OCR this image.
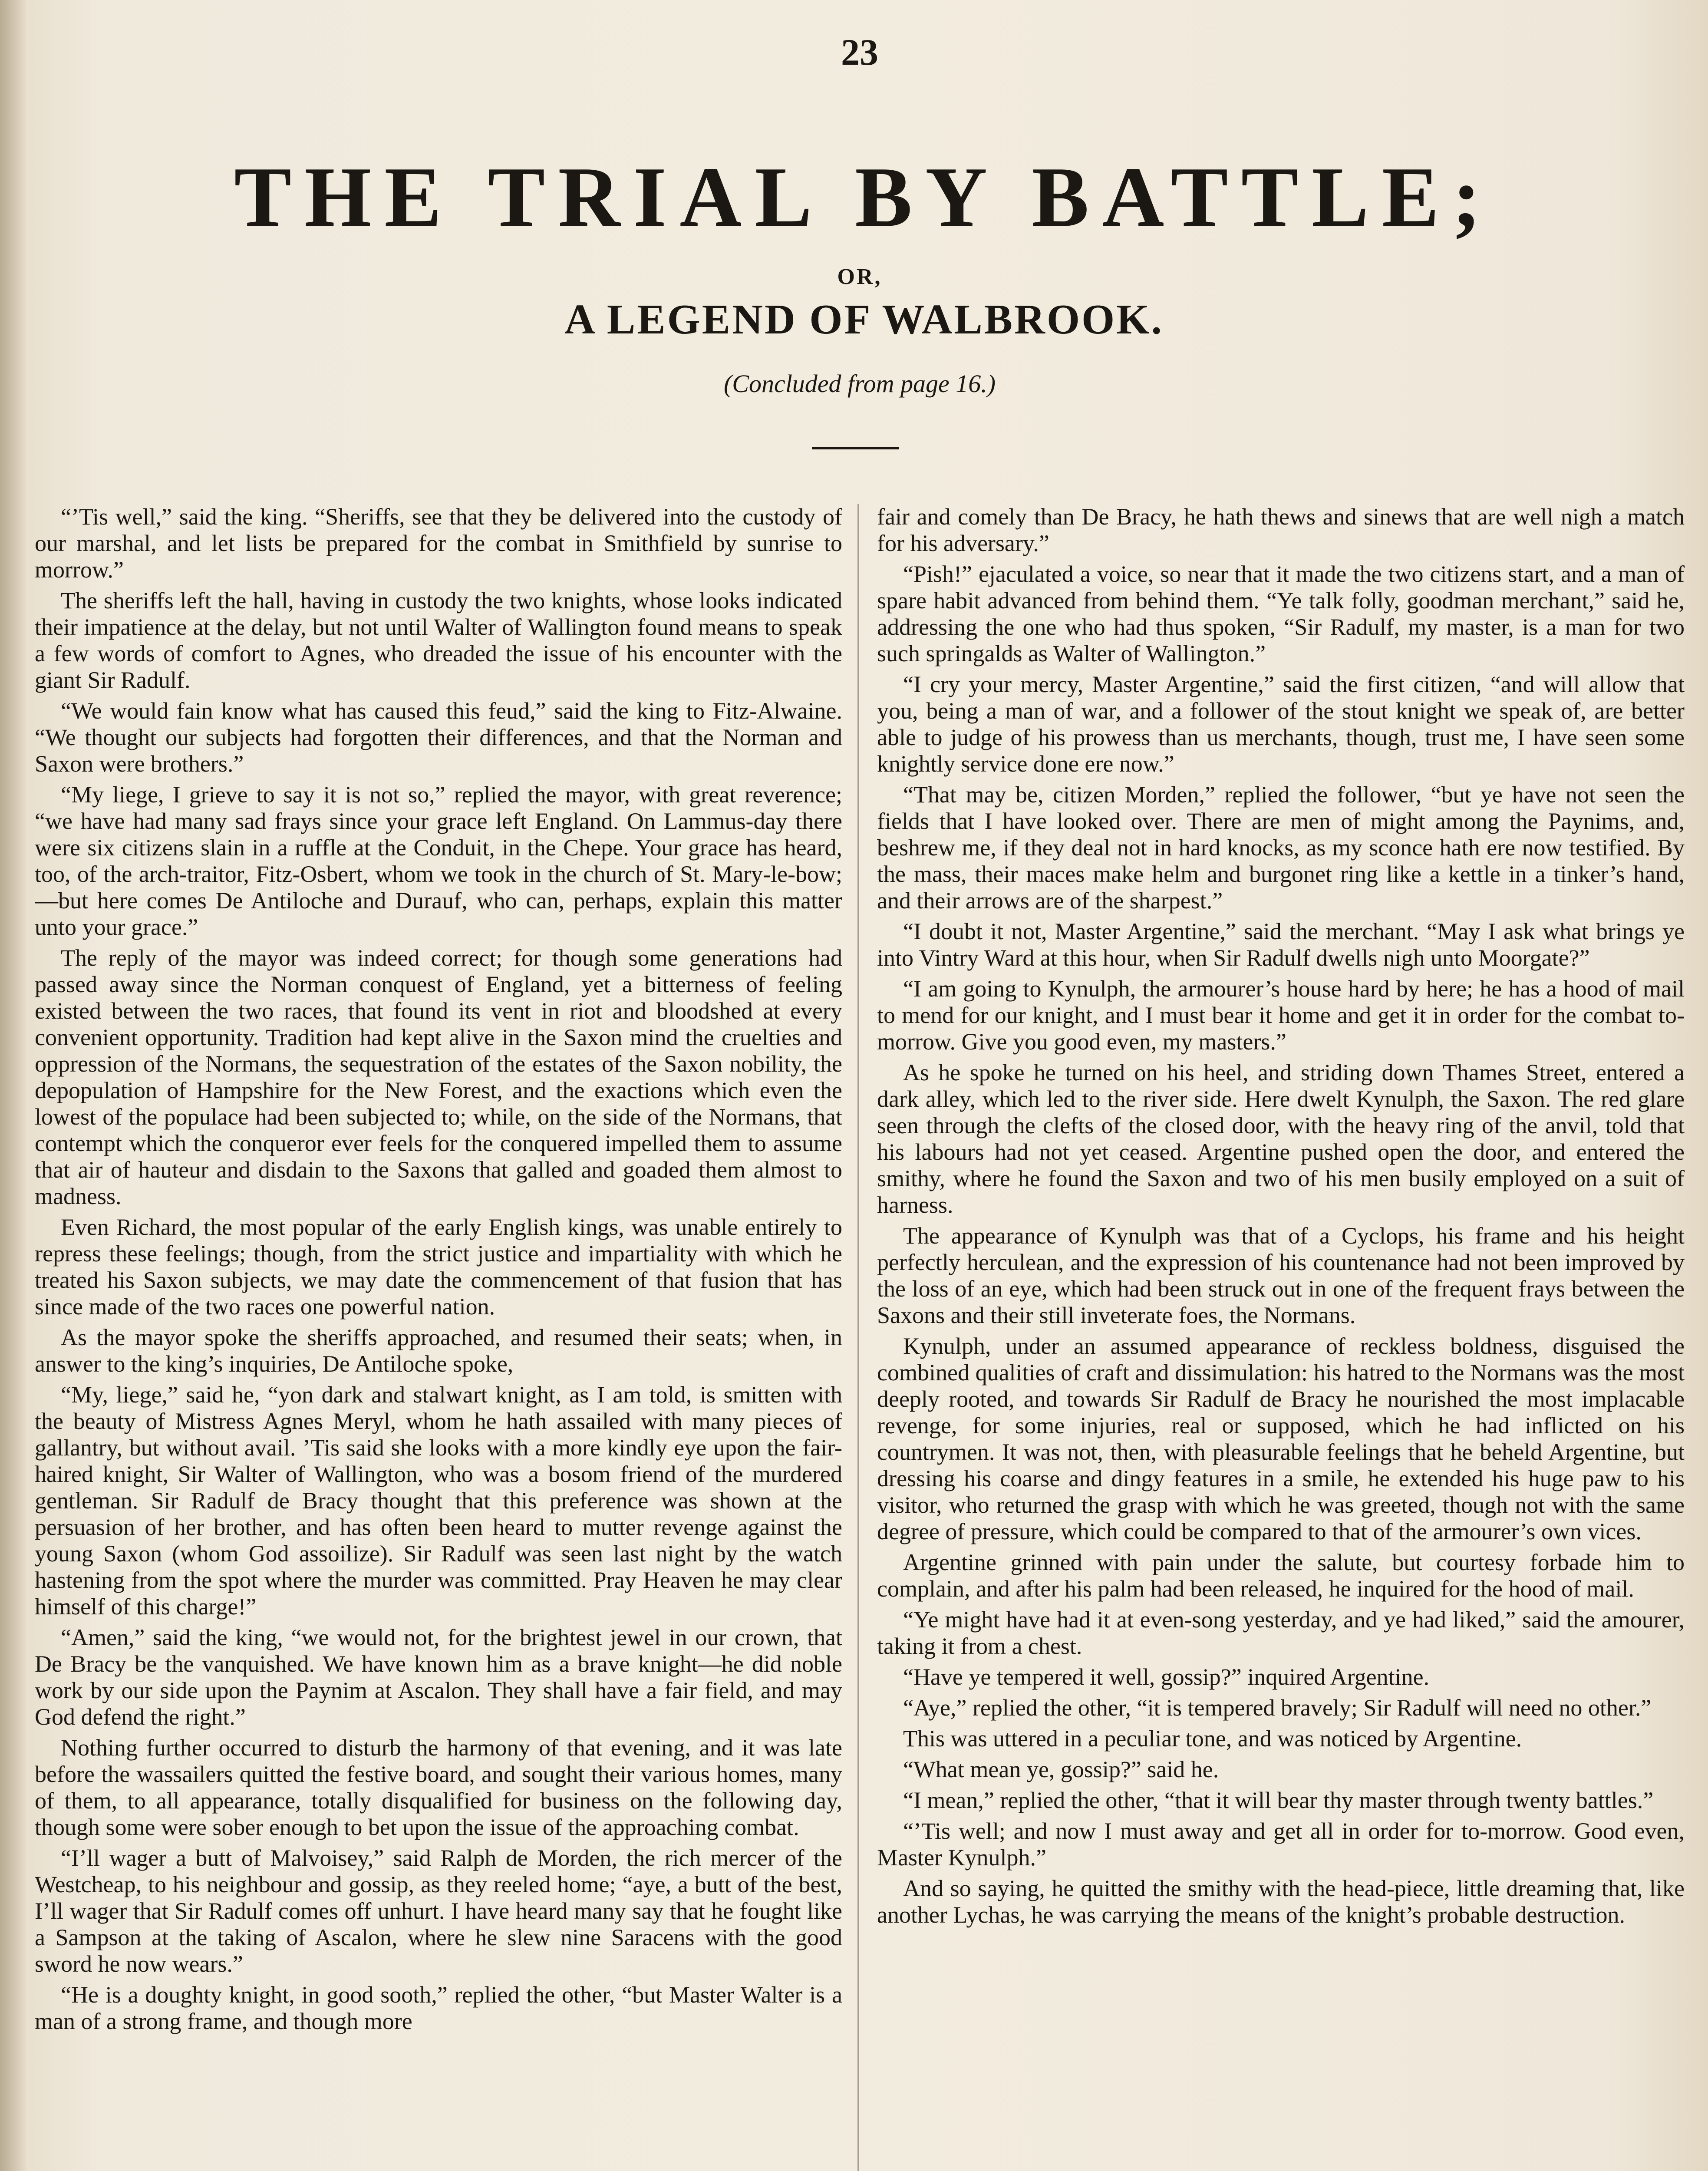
23
THE TRIAL BY BATTLE;
OR,
A LEGEND OF WALBROOK.
(Concluded from page 16.)

“’Tis well,” said the king. “Sheriffs, see that they be delivered into the custody of our marshal, and let lists be prepared for the combat in Smithfield by sunrise to morrow.”

The sheriffs left the hall, having in custody the two knights, whose looks indicated their impatience at the delay, but not until Walter of Wallington found means to speak a few words of comfort to Agnes, who dreaded the issue of his encounter with the giant Sir Radulf.

“We would fain know what has caused this feud,” said the king to Fitz-Alwaine. “We thought our subjects had forgotten their differences, and that the Norman and Saxon were brothers.”

“My liege, I grieve to say it is not so,” replied the mayor, with great reverence; “we have had many sad frays since your grace left England. On Lammus-day there were six citizens slain in a ruffle at the Conduit, in the Chepe. Your grace has heard, too, of the arch-traitor, Fitz-Osbert, whom we took in the church of St. Mary-le-bow;—but here comes De Antiloche and Durauf, who can, perhaps, explain this matter unto your grace.”

The reply of the mayor was indeed correct; for though some generations had passed away since the Norman conquest of England, yet a bitterness of feeling existed between the two races, that found its vent in riot and bloodshed at every convenient opportunity. Tradition had kept alive in the Saxon mind the cruelties and oppression of the Normans, the sequestration of the estates of the Saxon nobility, the depopulation of Hampshire for the New Forest, and the exactions which even the lowest of the populace had been subjected to; while, on the side of the Normans, that contempt which the conqueror ever feels for the conquered impelled them to assume that air of hauteur and disdain to the Saxons that galled and goaded them almost to madness.

Even Richard, the most popular of the early English kings, was unable entirely to repress these feelings; though, from the strict justice and impartiality with which he treated his Saxon subjects, we may date the commencement of that fusion that has since made of the two races one powerful nation.

As the mayor spoke the sheriffs approached, and resumed their seats; when, in answer to the king’s inquiries, De Antiloche spoke,

“My, liege,” said he, “yon dark and stalwart knight, as I am told, is smitten with the beauty of Mistress Agnes Meryl, whom he hath assailed with many pieces of gallantry, but without avail. ’Tis said she looks with a more kindly eye upon the fair-haired knight, Sir Walter of Wallington, who was a bosom friend of the murdered gentleman. Sir Radulf de Bracy thought that this preference was shown at the persuasion of her brother, and has often been heard to mutter revenge against the young Saxon (whom God assoilize). Sir Radulf was seen last night by the watch hastening from the spot where the murder was committed. Pray Heaven he may clear himself of this charge!”

“Amen,” said the king, “we would not, for the brightest jewel in our crown, that De Bracy be the vanquished. We have known him as a brave knight—he did noble work by our side upon the Paynim at Ascalon. They shall have a fair field, and may God defend the right.”

Nothing further occurred to disturb the harmony of that evening, and it was late before the wassailers quitted the festive board, and sought their various homes, many of them, to all appearance, totally disqualified for business on the following day, though some were sober enough to bet upon the issue of the approaching combat.

“I’ll wager a butt of Malvoisey,” said Ralph de Morden, the rich mercer of the Westcheap, to his neighbour and gossip, as they reeled home; “aye, a butt of the best, I’ll wager that Sir Radulf comes off unhurt. I have heard many say that he fought like a Sampson at the taking of Ascalon, where he slew nine Saracens with the good sword he now wears.”

“He is a doughty knight, in good sooth,” replied the other, “but Master Walter is a man of a strong frame, and though more

fair and comely than De Bracy, he hath thews and sinews that are well nigh a match for his adversary.”

“Pish!” ejaculated a voice, so near that it made the two citizens start, and a man of spare habit advanced from behind them. “Ye talk folly, goodman merchant,” said he, addressing the one who had thus spoken, “Sir Radulf, my master, is a man for two such springalds as Walter of Wallington.”

“I cry your mercy, Master Argentine,” said the first citizen, “and will allow that you, being a man of war, and a follower of the stout knight we speak of, are better able to judge of his prowess than us merchants, though, trust me, I have seen some knightly service done ere now.”

“That may be, citizen Morden,” replied the follower, “but ye have not seen the fields that I have looked over. There are men of might among the Paynims, and, beshrew me, if they deal not in hard knocks, as my sconce hath ere now testified. By the mass, their maces make helm and burgonet ring like a kettle in a tinker’s hand, and their arrows are of the sharpest.”

“I doubt it not, Master Argentine,” said the merchant. “May I ask what brings ye into Vintry Ward at this hour, when Sir Radulf dwells nigh unto Moorgate?”

“I am going to Kynulph, the armourer’s house hard by here; he has a hood of mail to mend for our knight, and I must bear it home and get it in order for the combat to-morrow. Give you good even, my masters.”

As he spoke he turned on his heel, and striding down Thames Street, entered a dark alley, which led to the river side. Here dwelt Kynulph, the Saxon. The red glare seen through the clefts of the closed door, with the heavy ring of the anvil, told that his labours had not yet ceased. Argentine pushed open the door, and entered the smithy, where he found the Saxon and two of his men busily employed on a suit of harness.

The appearance of Kynulph was that of a Cyclops, his frame and his height perfectly herculean, and the expression of his countenance had not been improved by the loss of an eye, which had been struck out in one of the frequent frays between the Saxons and their still inveterate foes, the Normans.

Kynulph, under an assumed appearance of reckless boldness, disguised the combined qualities of craft and dissimulation: his hatred to the Normans was the most deeply rooted, and towards Sir Radulf de Bracy he nourished the most implacable revenge, for some injuries, real or supposed, which he had inflicted on his countrymen. It was not, then, with pleasurable feelings that he beheld Argentine, but dressing his coarse and dingy features in a smile, he extended his huge paw to his visitor, who returned the grasp with which he was greeted, though not with the same degree of pressure, which could be compared to that of the armourer’s own vices.

Argentine grinned with pain under the salute, but courtesy forbade him to complain, and after his palm had been released, he inquired for the hood of mail.

“Ye might have had it at even-song yesterday, and ye had liked,” said the amourer, taking it from a chest.

“Have ye tempered it well, gossip?” inquired Argentine.

“Aye,” replied the other, “it is tempered bravely; Sir Radulf will need no other.”

This was uttered in a peculiar tone, and was noticed by Argentine.

“What mean ye, gossip?” said he.

“I mean,” replied the other, “that it will bear thy master through twenty battles.”

“’Tis well; and now I must away and get all in order for to-morrow. Good even, Master Kynulph.”

And so saying, he quitted the smithy with the head-piece, little dreaming that, like another Lychas, he was carrying the means of the knight’s probable destruction.
